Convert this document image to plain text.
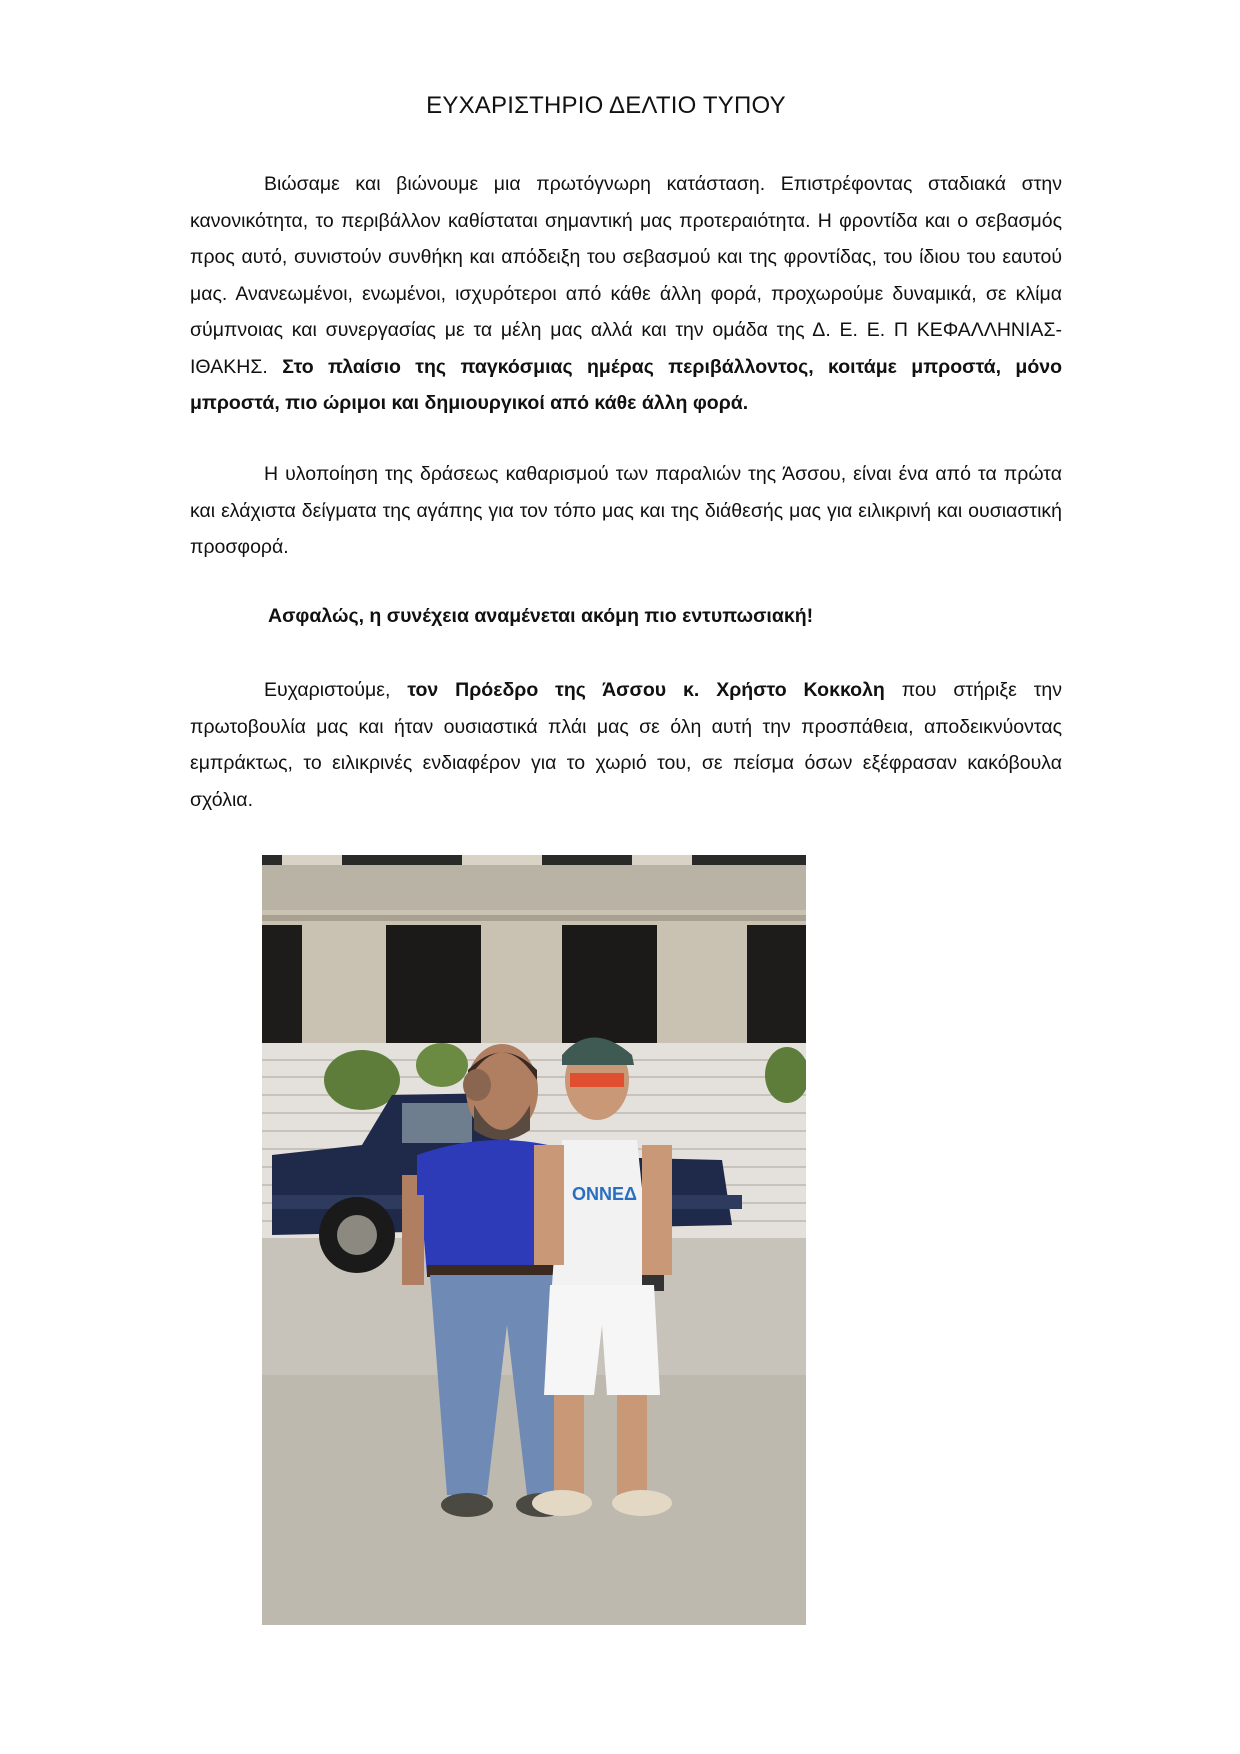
ΕΥΧΑΡΙΣΤΗΡΙΟ ΔΕΛΤΙΟ ΤΥΠΟΥ

Βιώσαμε και βιώνουμε μια πρωτόγνωρη κατάσταση. Επιστρέφοντας σταδιακά στην κανονικότητα, το περιβάλλον καθίσταται σημαντική μας προτεραιότητα. Η φροντίδα και ο σεβασμός προς αυτό, συνιστούν συνθήκη και απόδειξη του σεβασμού και της φροντίδας, του ίδιου του εαυτού μας. Ανανεωμένοι, ενωμένοι, ισχυρότεροι από κάθε άλλη φορά, προχωρούμε δυναμικά, σε κλίμα σύμπνοιας και συνεργασίας με τα μέλη μας αλλά και την ομάδα της Δ. Ε. Ε. Π ΚΕΦΑΛΛΗΝΙΑΣ-ΙΘΑΚΗΣ. Στο πλαίσιο της παγκόσμιας ημέρας περιβάλλοντος, κοιτάμε μπροστά, μόνο μπροστά, πιο ώριμοι και δημιουργικοί από κάθε άλλη φορά.

Η υλοποίηση της δράσεως καθαρισμού των παραλιών της Άσσου, είναι ένα από τα πρώτα και ελάχιστα δείγματα της αγάπης για τον τόπο μας και της διάθεσής μας για ειλικρινή και ουσιαστική προσφορά.

Ασφαλώς, η συνέχεια αναμένεται ακόμη πιο εντυπωσιακή!

Ευχαριστούμε, τον Πρόεδρο της Άσσου κ. Χρήστο Κοκκολη που στήριξε την πρωτοβουλία μας και ήταν ουσιαστικά πλάι μας σε όλη αυτή την προσπάθεια, αποδεικνύοντας εμπράκτως, το ειλικρινές ενδιαφέρον για το χωριό του, σε πείσμα όσων εξέφρασαν κακόβουλα σχόλια.

ΟΝΝΕΔ
